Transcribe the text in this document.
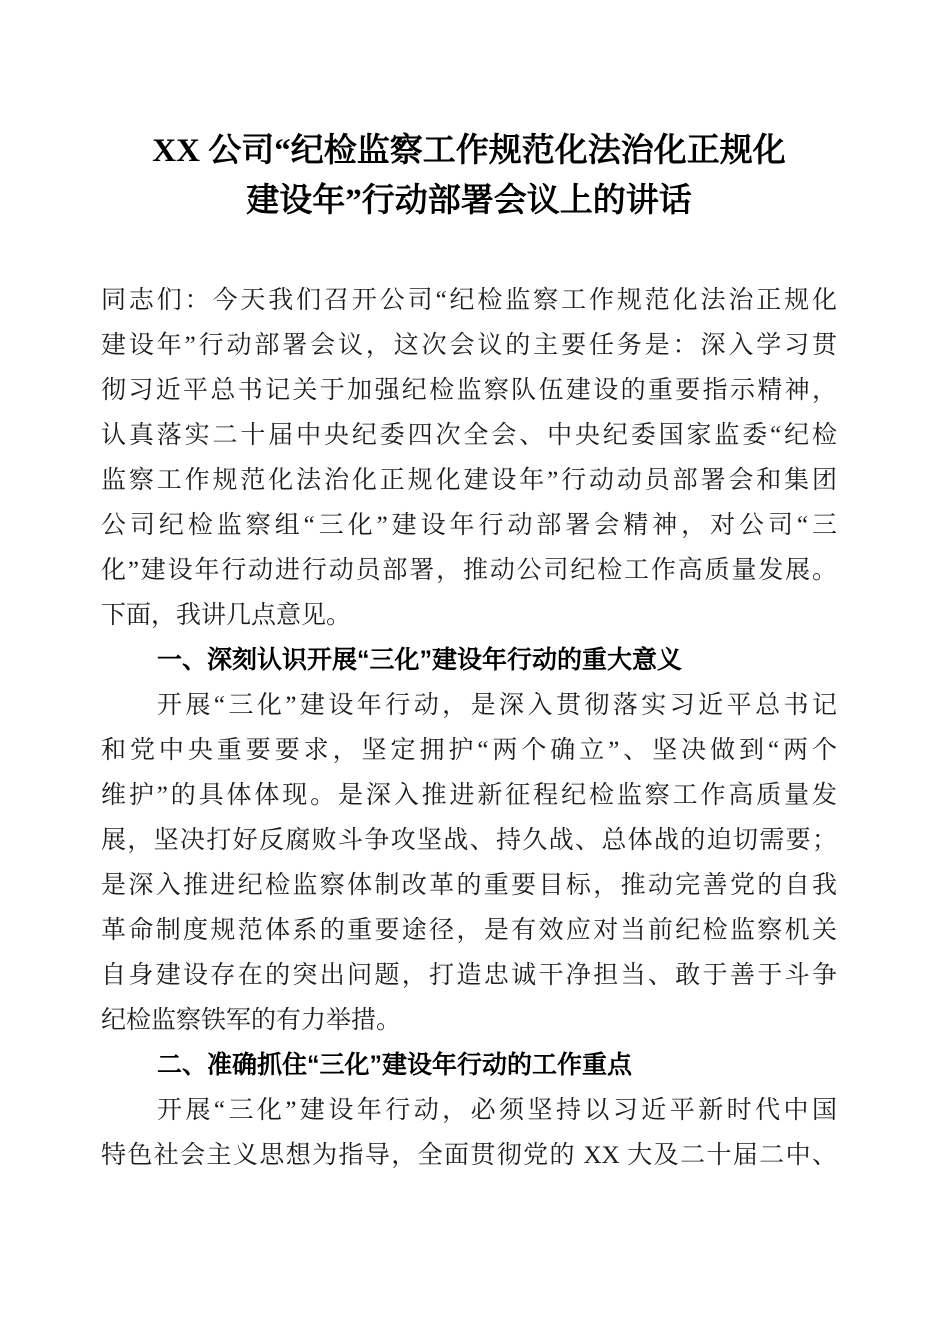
XX 公司“纪检监察工作规范化法治化正规化
建设年”行动部署会议上的讲话
同志们：今天我们召开公司“纪检监察工作规范化法治正规化
建设年”行动部署会议，这次会议的主要任务是：深入学习贯
彻习近平总书记关于加强纪检监察队伍建设的重要指示精神，
认真落实二十届中央纪委四次全会、中央纪委国家监委“纪检
监察工作规范化法治化正规化建设年”行动动员部署会和集团
公司纪检监察组“三化”建设年行动部署会精神，对公司“三
化”建设年行动进行动员部署，推动公司纪检工作高质量发展。
下面，我讲几点意见。
一、深刻认识开展“三化”建设年行动的重大意义
开展“三化”建设年行动，是深入贯彻落实习近平总书记
和党中央重要要求，坚定拥护“两个确立”、坚决做到“两个
维护”的具体体现。是深入推进新征程纪检监察工作高质量发
展，坚决打好反腐败斗争攻坚战、持久战、总体战的迫切需要；
是深入推进纪检监察体制改革的重要目标，推动完善党的自我
革命制度规范体系的重要途径，是有效应对当前纪检监察机关
自身建设存在的突出问题，打造忠诚干净担当、敢于善于斗争
纪检监察铁军的有力举措。
二、准确抓住“三化”建设年行动的工作重点
开展“三化”建设年行动，必须坚持以习近平新时代中国
特色社会主义思想为指导，全面贯彻党的 XX 大及二十届二中、
